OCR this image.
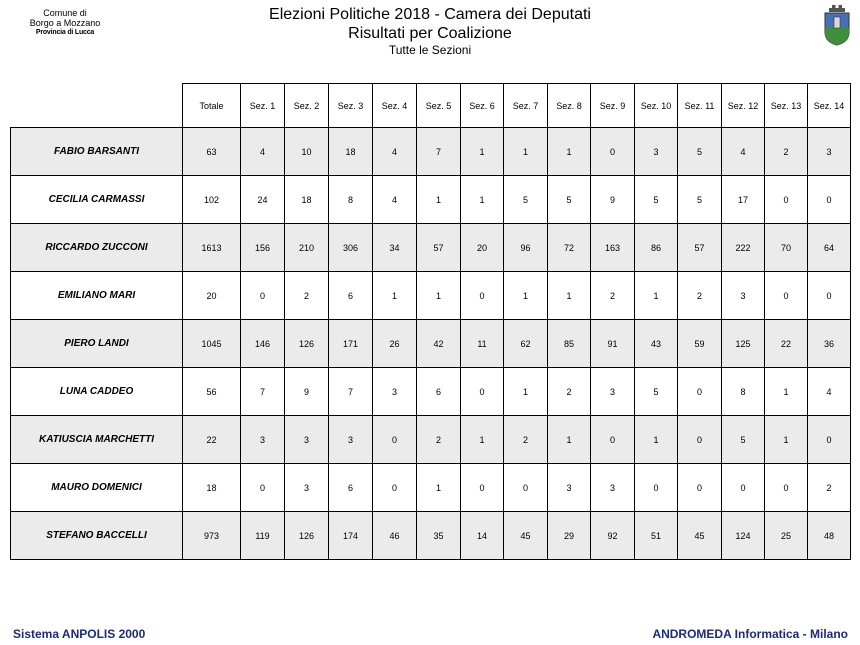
Comune di
Borgo a Mozzano
Provincia di Lucca
Elezioni Politiche 2018 - Camera dei Deputati
Risultati per Coalizione
Tutte le Sezioni
	Totale	Sez. 1	Sez. 2	Sez. 3	Sez. 4	Sez. 5	Sez. 6	Sez. 7	Sez. 8	Sez. 9	Sez. 10	Sez. 11	Sez. 12	Sez. 13	Sez. 14
FABIO BARSANTI	63	4	10	18	4	7	1	1	1	0	3	5	4	2	3
CECILIA CARMASSI	102	24	18	8	4	1	1	5	5	9	5	5	17	0	0
RICCARDO ZUCCONI	1613	156	210	306	34	57	20	96	72	163	86	57	222	70	64
EMILIANO MARI	20	0	2	6	1	1	0	1	1	2	1	2	3	0	0
PIERO LANDI	1045	146	126	171	26	42	11	62	85	91	43	59	125	22	36
LUNA CADDEO	56	7	9	7	3	6	0	1	2	3	5	0	8	1	4
KATIUSCIA MARCHETTI	22	3	3	3	0	2	1	2	1	0	1	0	5	1	0
MAURO DOMENICI	18	0	3	6	0	1	0	0	3	3	0	0	0	0	2
STEFANO BACCELLI	973	119	126	174	46	35	14	45	29	92	51	45	124	25	48
Sistema ANPOLIS 2000	ANDROMEDA Informatica - Milano
